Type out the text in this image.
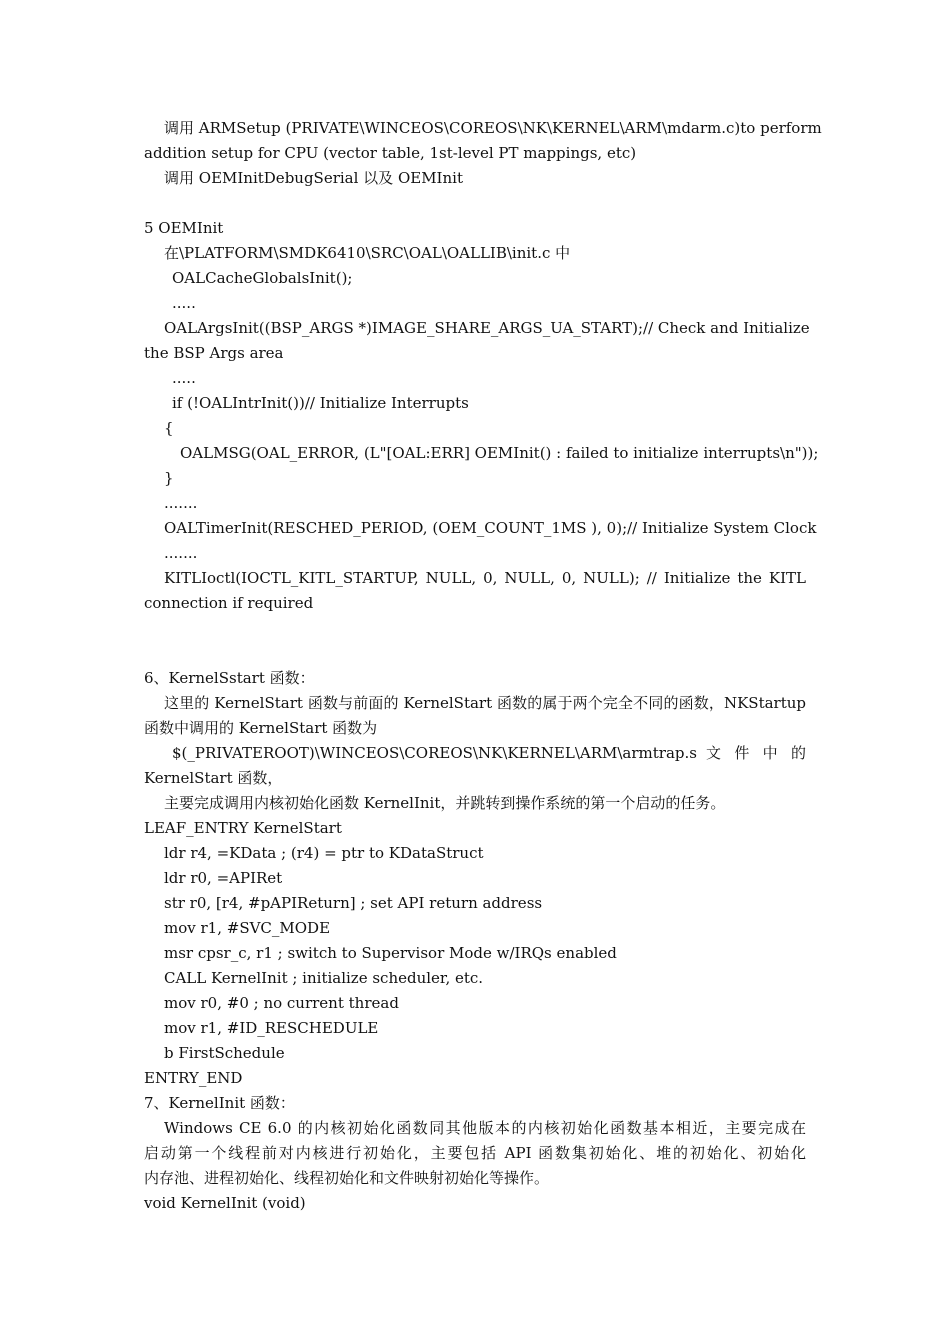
调用 ARMSetup (PRIVATE\WINCEOS\COREOS\NK\KERNEL\ARM\mdarm.c)to perform
addition setup for CPU (vector table, 1st-level PT mappings, etc)
调用 OEMInitDebugSerial 以及 OEMInit
5 OEMInit
在\PLATFORM\SMDK6410\SRC\OAL\OALLIB\init.c 中
OALCacheGlobalsInit();
.....
OALArgsInit((BSP_ARGS *)IMAGE_SHARE_ARGS_UA_START);// Check and Initialize
the BSP Args area
.....
if (!OALIntrInit())// Initialize Interrupts
{
OALMSG(OAL_ERROR, (L"[OAL:ERR] OEMInit() : failed to initialize interrupts\n"));
}
.......
OALTimerInit(RESCHED_PERIOD, (OEM_COUNT_1MS ), 0);// Initialize System Clock
.......
KITLIoctl(IOCTL_KITL_STARTUP, NULL, 0, NULL, 0, NULL); // Initialize the KITL
connection if required
6、KernelSstart 函数：
这里的 KernelStart 函数与前面的 KernelStart 函数的属于两个完全不同的函数，NKStartup
函数中调用的 KernelStart 函数为
$(_PRIVATEROOT)\WINCEOS\COREOS\NK\KERNEL\ARM\armtrap.s 文 件 中 的
KernelStart 函数，
主要完成调用内核初始化函数 KernelInit，并跳转到操作系统的第一个启动的任务。
LEAF_ENTRY KernelStart
ldr r4, =KData ; (r4) = ptr to KDataStruct
ldr r0, =APIRet
str r0, [r4, #pAPIReturn] ; set API return address
mov r1, #SVC_MODE
msr cpsr_c, r1 ; switch to Supervisor Mode w/IRQs enabled
CALL KernelInit ; initialize scheduler, etc.
mov r0, #0 ; no current thread
mov r1, #ID_RESCHEDULE
b FirstSchedule
ENTRY_END
7、KernelInit 函数：
Windows CE 6.0 的内核初始化函数同其他版本的内核初始化函数基本相近，主要完成在
启动第一个线程前对内核进行初始化，主要包括 API 函数集初始化、堆的初始化、初始化
内存池、进程初始化、线程初始化和文件映射初始化等操作。
void KernelInit (void)
